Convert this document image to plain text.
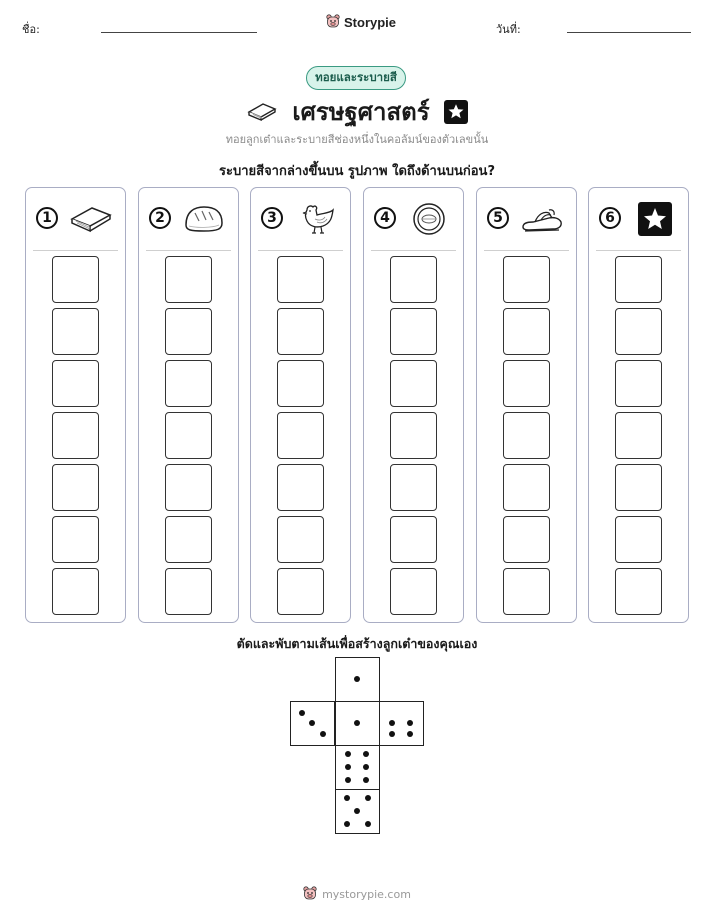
ชื่อ:	Storypie	วันที่:
ทอยและระบายสี
เศรษฐศาสตร์
ทอยลูกเต๋าและระบายสีช่องหนึ่งในคอลัมน์ของตัวเลขนั้น
ระบายสีจากล่างขึ้นบน รูปภาพ ใดถึงด้านบนก่อน?
1	2	3	4	5	6
ตัดและพับตามเส้นเพื่อสร้างลูกเต๋าของคุณเอง
mystorypie.com
